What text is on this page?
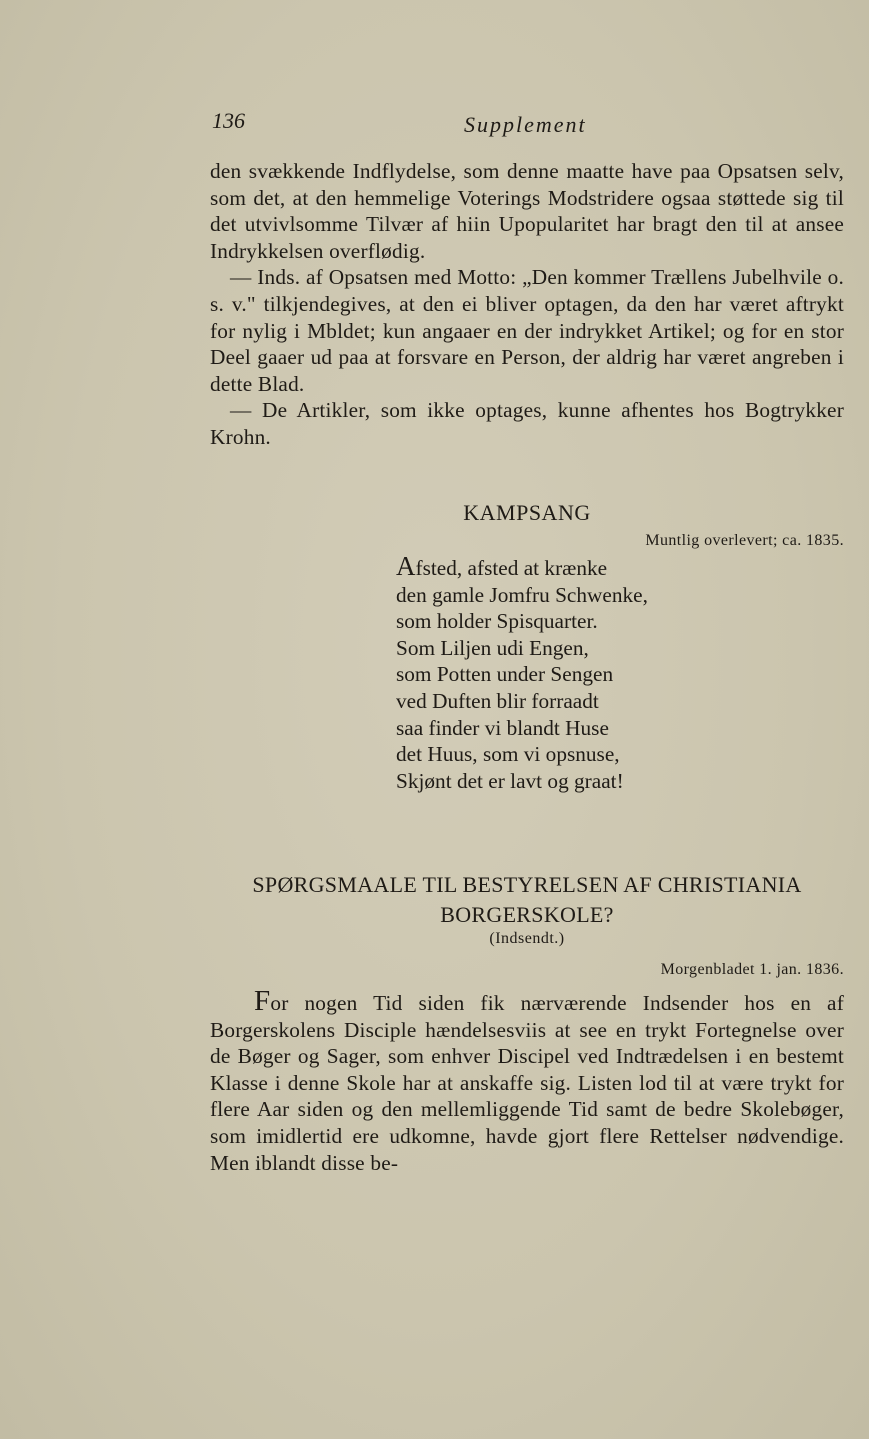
136	Supplement

den svækkende Indflydelse, som denne maatte have paa Opsatsen selv, som det, at den hemmelige Voterings Modstridere ogsaa støttede sig til det utvivlsomme Tilvær af hiin Upopularitet har bragt den til at ansee Indrykkelsen overflødig.

— Inds. af Opsatsen med Motto: „Den kommer Trællens Jubelhvile o. s. v." tilkjendegives, at den ei bliver optagen, da den har været aftrykt for nylig i Mbldet; kun angaaer en der indrykket Artikel; og for en stor Deel gaaer ud paa at forsvare en Person, der aldrig har været angreben i dette Blad.

— De Artikler, som ikke optages, kunne afhentes hos Bogtrykker Krohn.

KAMPSANG
Muntlig overlevert; ca. 1835.
Afsted, afsted at krænke
den gamle Jomfru Schwenke,
som holder Spisquarter.
Som Liljen udi Engen,
som Potten under Sengen
ved Duften blir forraadt
saa finder vi blandt Huse
det Huus, som vi opsnuse,
Skjønt det er lavt og graat!
SPØRGSMAALE TIL BESTYRELSEN AF CHRISTIANIA
BORGERSKOLE?
(Indsendt.)
Morgenbladet 1. jan. 1836.

For nogen Tid siden fik nærværende Indsender hos en af Borgerskolens Disciple hændelsesviis at see en trykt Fortegnelse over de Bøger og Sager, som enhver Discipel ved Indtrædelsen i en bestemt Klasse i denne Skole har at anskaffe sig. Listen lod til at være trykt for flere Aar siden og den mellemliggende Tid samt de bedre Skolebøger, som imidlertid ere udkomne, havde gjort flere Rettelser nødvendige. Men iblandt disse be-
